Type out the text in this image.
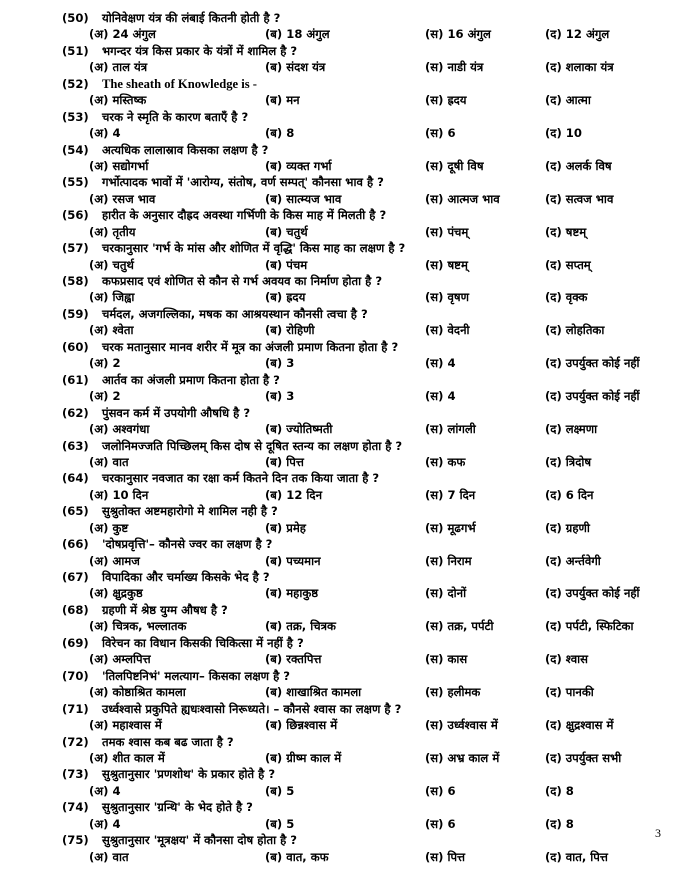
(50) योनिवेक्षण यंत्र की लंबाई कितनी होती है ?
(अ) 24 अंगुल	(ब) 18 अंगुल	(स) 16 अंगुल	(द) 12 अंगुल
(51) भगन्दर यंत्र किस प्रकार के यंत्रों में शामिल है ?
(अ) ताल यंत्र	(ब) संदश यंत्र	(स) नाडी यंत्र	(द) शलाका यंत्र
(52) The sheath of Knowledge is -
(अ) मस्तिष्क	(ब) मन	(स) ह्रदय	(द) आत्मा
(53) चरक ने स्मृति के कारण बताएँ है ?
(अ) 4	(ब) 8	(स) 6	(द) 10
(54) अत्यधिक लालास्राव किसका लक्षण है ?
(अ) सद्योगर्भा	(ब) व्यक्त गर्भा	(स) दूषी विष	(द) अलर्क विष
(55) गर्भोत्पादक भावों में 'आरोग्य, संतोष, वर्ण सम्पत्' कौनसा भाव है ?
(अ) रसज भाव	(ब) सात्म्यज भाव	(स) आत्मज भाव	(द) सत्वज भाव
(56) हारीत के अनुसार दौह्रद अवस्था गर्भिणी के किस माह में मिलती है ?
(अ) तृतीय	(ब) चतुर्थ	(स) पंचम्	(द) षष्टम्
(57) चरकानुसार 'गर्भ के मांस और शोणित में वृद्धि' किस माह का लक्षण है ?
(अ) चतुर्थ	(ब) पंचम	(स) षष्टम्	(द) सप्तम्
(58) कफप्रसाद एवं शोणित से कौन से गर्भ अवयव का निर्माण होता है ?
(अ) जिह्वा	(ब) ह्रदय	(स) वृषण	(द) वृक्क
(59) चर्मदल, अजगल्लिका, मषक का आश्रयस्थान कौनसी त्वचा है ?
(अ) श्वेता	(ब) रोहिणी	(स) वेदनी	(द) लोहतिका
(60) चरक मतानुसार मानव शरीर में मूत्र का अंजली प्रमाण कितना होता है ?
(अ) 2	(ब) 3	(स) 4	(द) उपर्युक्त कोई नहीं
(61) आर्तव का अंजली प्रमाण कितना होता है ?
(अ) 2	(ब) 3	(स) 4	(द) उपर्युक्त कोई नहीं
(62) पुंसवन कर्म में उपयोगी औषधि है ?
(अ) अश्वगंधा	(ब) ज्योतिष्मती	(स) लांगली	(द) लक्ष्मणा
(63) जलोनिमज्जति पिच्छिलम् किस दोष से दूषित स्तन्य का लक्षण होता है ?
(अ) वात	(ब) पित्त	(स) कफ	(द) त्रिदोष
(64) चरकानुसार नवजात का रक्षा कर्म कितने दिन तक किया जाता है ?
(अ) 10 दिन	(ब) 12 दिन	(स) 7 दिन	(द) 6 दिन
(65) सुश्रुतोक्त अष्टमहारोगो मे शामिल नही है ?
(अ) कुष्ट	(ब) प्रमेह	(स) मूढगर्भ	(द) ग्रहणी
(66) 'दोषप्रवृत्ति'– कौनसे ज्वर का लक्षण है ?
(अ) आमज	(ब) पच्यमान	(स) निराम	(द) अर्न्तवेगी
(67) विपादिका और चर्माख्य किसके भेद है ?
(अ) क्षुद्रकुष्ठ	(ब) महाकुष्ठ	(स) दोनों	(द) उपर्युक्त कोई नहीं
(68) ग्रहणी में श्रेष्ठ युग्म औषध है ?
(अ) चित्रक, भल्लातक	(ब) तक्र, चित्रक	(स) तक्र, पर्पटी	(द) पर्पटी, स्फिटिका
(69) विरेचन का विधान किसकी चिकित्सा में नहीं है ?
(अ) अम्लपित्त	(ब) रक्तपित्त	(स) कास	(द) श्वास
(70) 'तिलपिष्टनिभं' मलत्याग– किसका लक्षण है ?
(अ) कोष्ठाश्रित कामला	(ब) शाखाश्रित कामला	(स) हलीमक	(द) पानकी
(71) उर्ध्वश्वासे प्रकुपिते ह्यधःश्वासो निरूध्यते। – कौनसे श्वास का लक्षण है ?
(अ) महाश्वास में	(ब) छिन्नश्वास में	(स) उर्ध्वश्वास में	(द) क्षुद्रश्वास में
(72) तमक श्वास कब बढ जाता है ?
(अ) शीत काल में	(ब) ग्रीष्म काल में	(स) अभ्र काल में	(द) उपर्युक्त सभी
(73) सुश्रुतानुसार 'प्रणशोथ' के प्रकार होते है ?
(अ) 4	(ब) 5	(स) 6	(द) 8
(74) सुश्रुतानुसार 'ग्रन्थि' के भेद होते है ?
(अ) 4	(ब) 5	(स) 6	(द) 8
(75) सुश्रुतानुसार 'मूत्रक्षय' में कौनसा दोष होता है ?
(अ) वात	(ब) वात, कफ	(स) पित्त	(द) वात, पित्त
3
